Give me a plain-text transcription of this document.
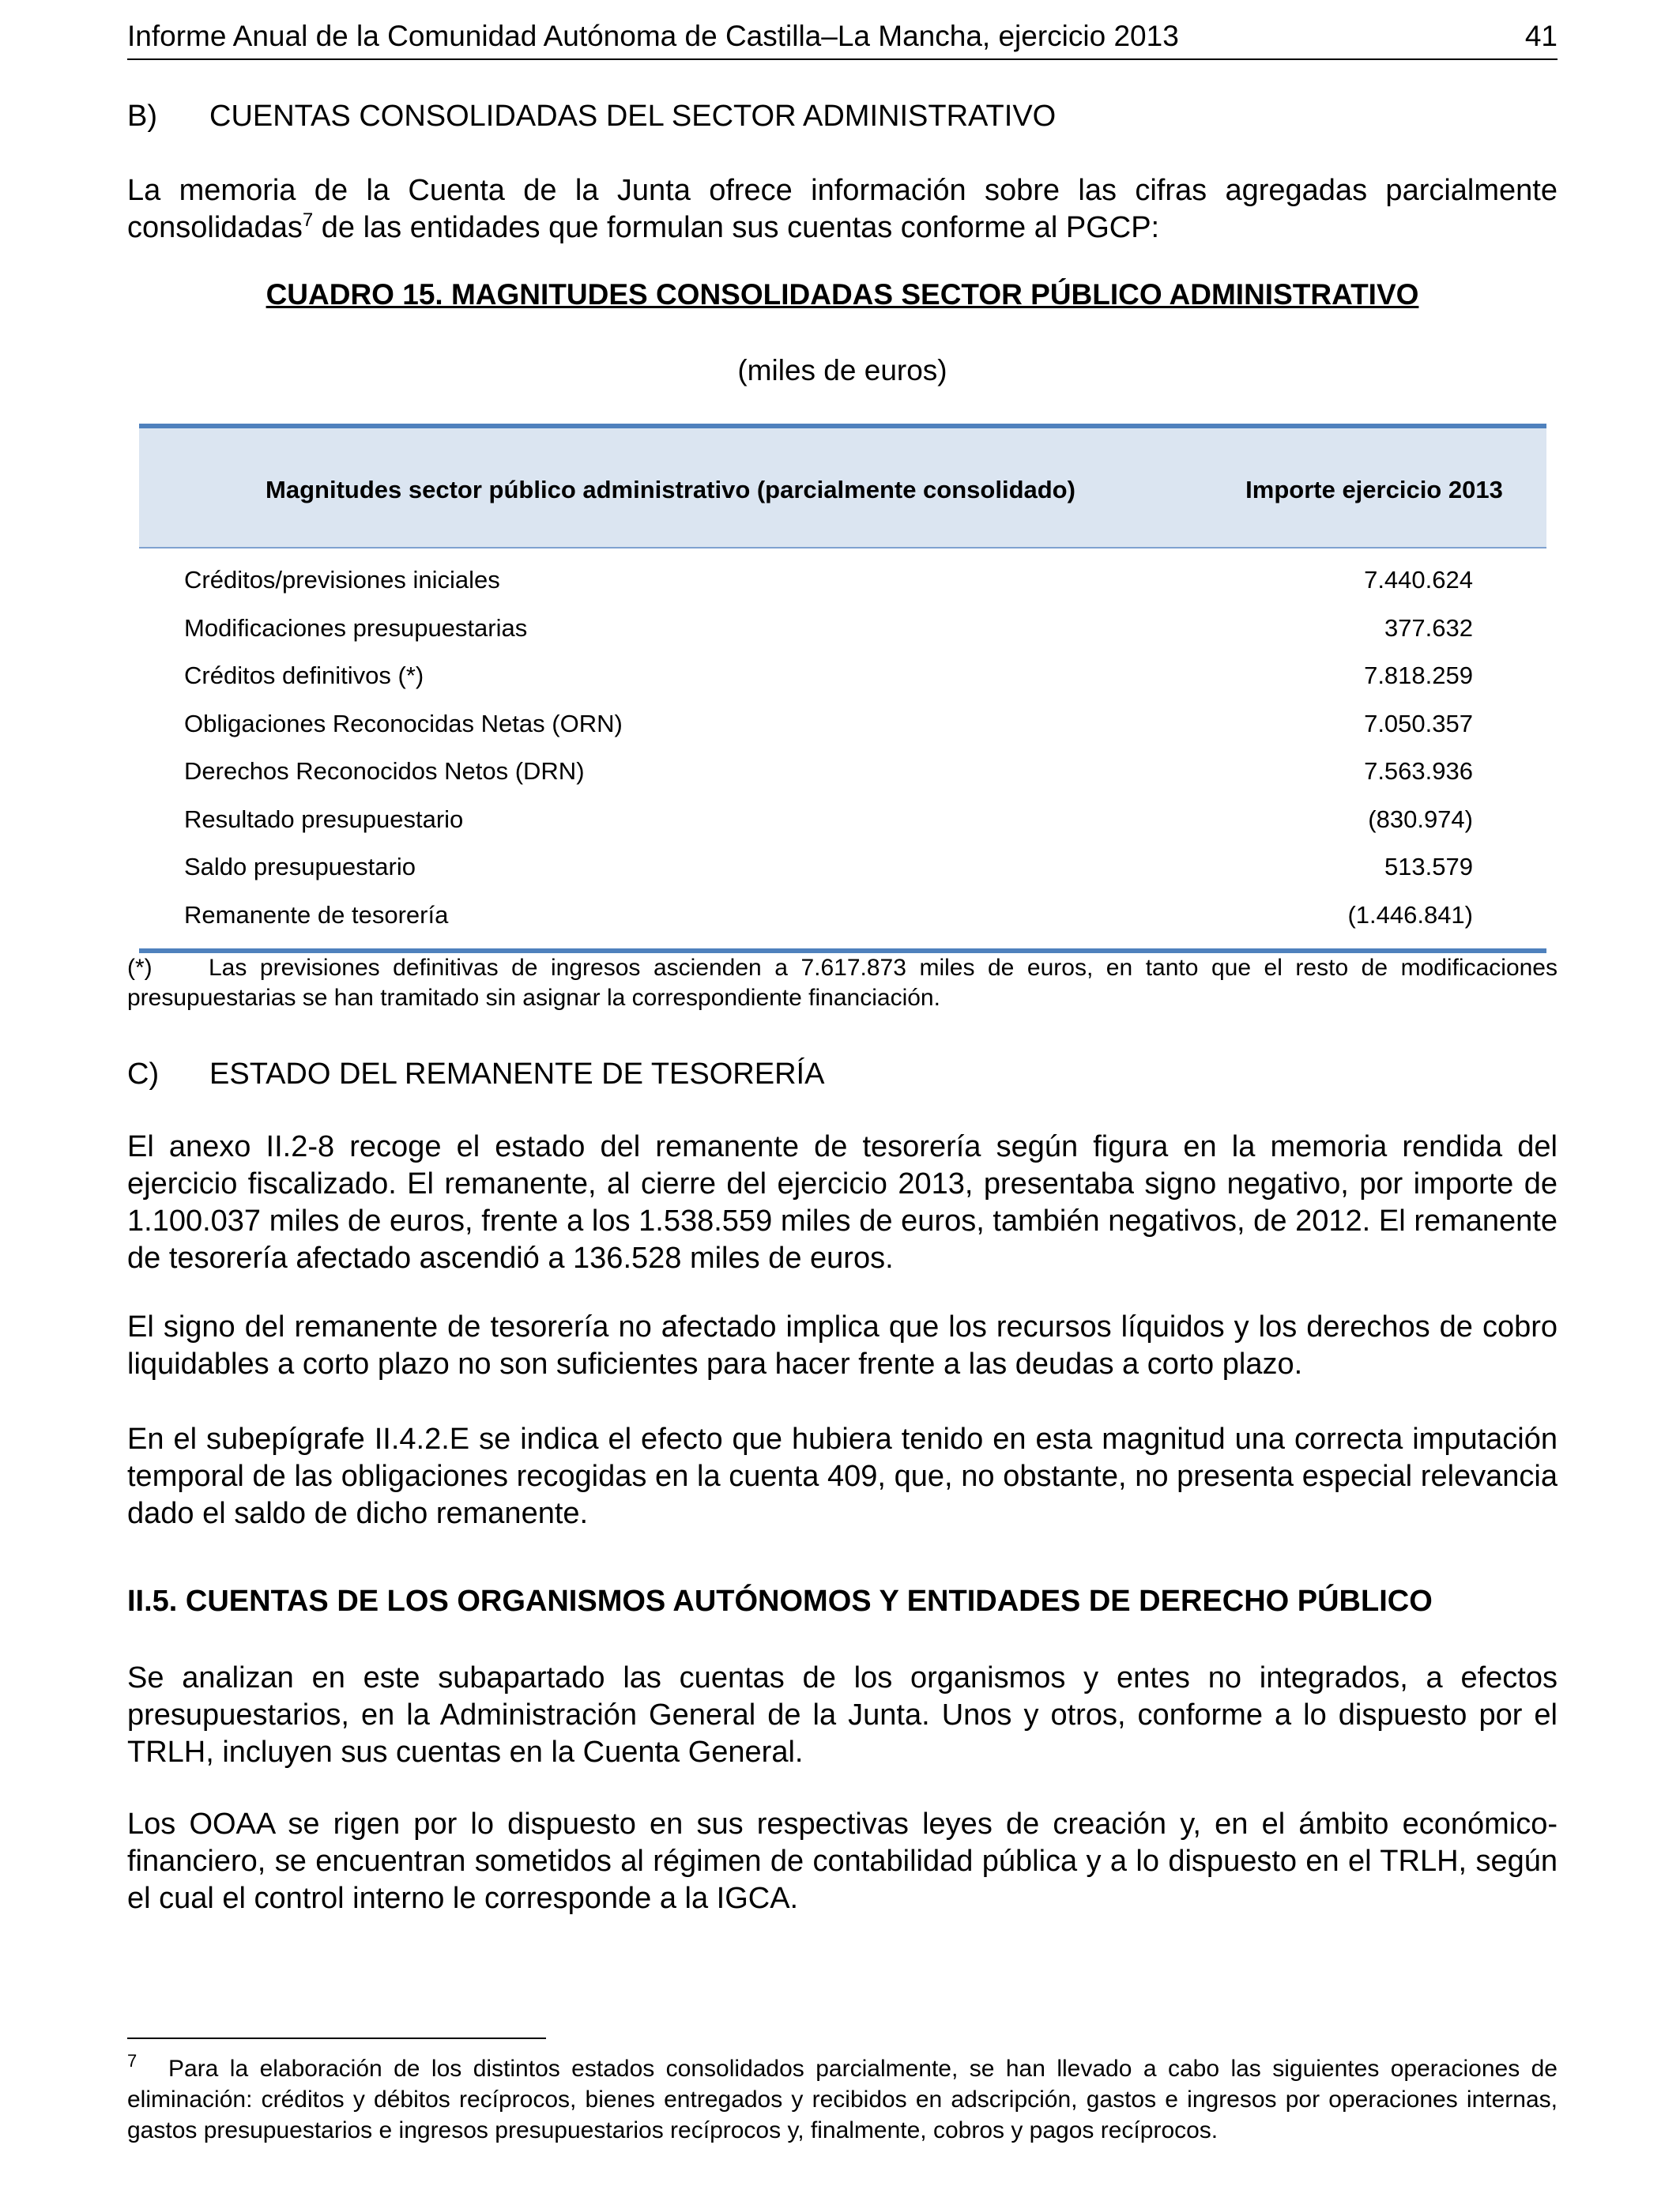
Informe Anual de la Comunidad Autónoma de Castilla–La Mancha, ejercicio 2013	41
B) CUENTAS CONSOLIDADAS DEL SECTOR ADMINISTRATIVO

La memoria de la Cuenta de la Junta ofrece información sobre las cifras agregadas parcialmente consolidadas$^7$ de las entidades que formulan sus cuentas conforme al PGCP:

CUADRO 15. MAGNITUDES CONSOLIDADAS SECTOR PÚBLICO ADMINISTRATIVO
(miles de euros)
Magnitudes sector público administrativo (parcialmente consolidado)	Importe ejercicio 2013
Créditos/previsiones iniciales	7.440.624
Modificaciones presupuestarias	377.632
Créditos definitivos (*)	7.818.259
Obligaciones Reconocidas Netas (ORN)	7.050.357
Derechos Reconocidos Netos (DRN)	7.563.936
Resultado presupuestario	(830.974)
Saldo presupuestario	513.579
Remanente de tesorería	(1.446.841)

(*) Las previsiones definitivas de ingresos ascienden a 7.617.873 miles de euros, en tanto que el resto de modificaciones presupuestarias se han tramitado sin asignar la correspondiente financiación.

C) ESTADO DEL REMANENTE DE TESORERÍA

El anexo II.2-8 recoge el estado del remanente de tesorería según figura en la memoria rendida del ejercicio fiscalizado. El remanente, al cierre del ejercicio 2013, presentaba signo negativo, por importe de 1.100.037 miles de euros, frente a los 1.538.559 miles de euros, también negativos, de 2012. El remanente de tesorería afectado ascendió a 136.528 miles de euros.

El signo del remanente de tesorería no afectado implica que los recursos líquidos y los derechos de cobro liquidables a corto plazo no son suficientes para hacer frente a las deudas a corto plazo.

En el subepígrafe II.4.2.E se indica el efecto que hubiera tenido en esta magnitud una correcta imputación temporal de las obligaciones recogidas en la cuenta 409, que, no obstante, no presenta especial relevancia dado el saldo de dicho remanente.

II.5. CUENTAS DE LOS ORGANISMOS AUTÓNOMOS Y ENTIDADES DE DERECHO PÚBLICO

Se analizan en este subapartado las cuentas de los organismos y entes no integrados, a efectos presupuestarios, en la Administración General de la Junta. Unos y otros, conforme a lo dispuesto por el TRLH, incluyen sus cuentas en la Cuenta General.

Los OOAA se rigen por lo dispuesto en sus respectivas leyes de creación y, en el ámbito económico-financiero, se encuentran sometidos al régimen de contabilidad pública y a lo dispuesto en el TRLH, según el cual el control interno le corresponde a la IGCA.

7 Para la elaboración de los distintos estados consolidados parcialmente, se han llevado a cabo las siguientes operaciones de eliminación: créditos y débitos recíprocos, bienes entregados y recibidos en adscripción, gastos e ingresos por operaciones internas, gastos presupuestarios e ingresos presupuestarios recíprocos y, finalmente, cobros y pagos recíprocos.
